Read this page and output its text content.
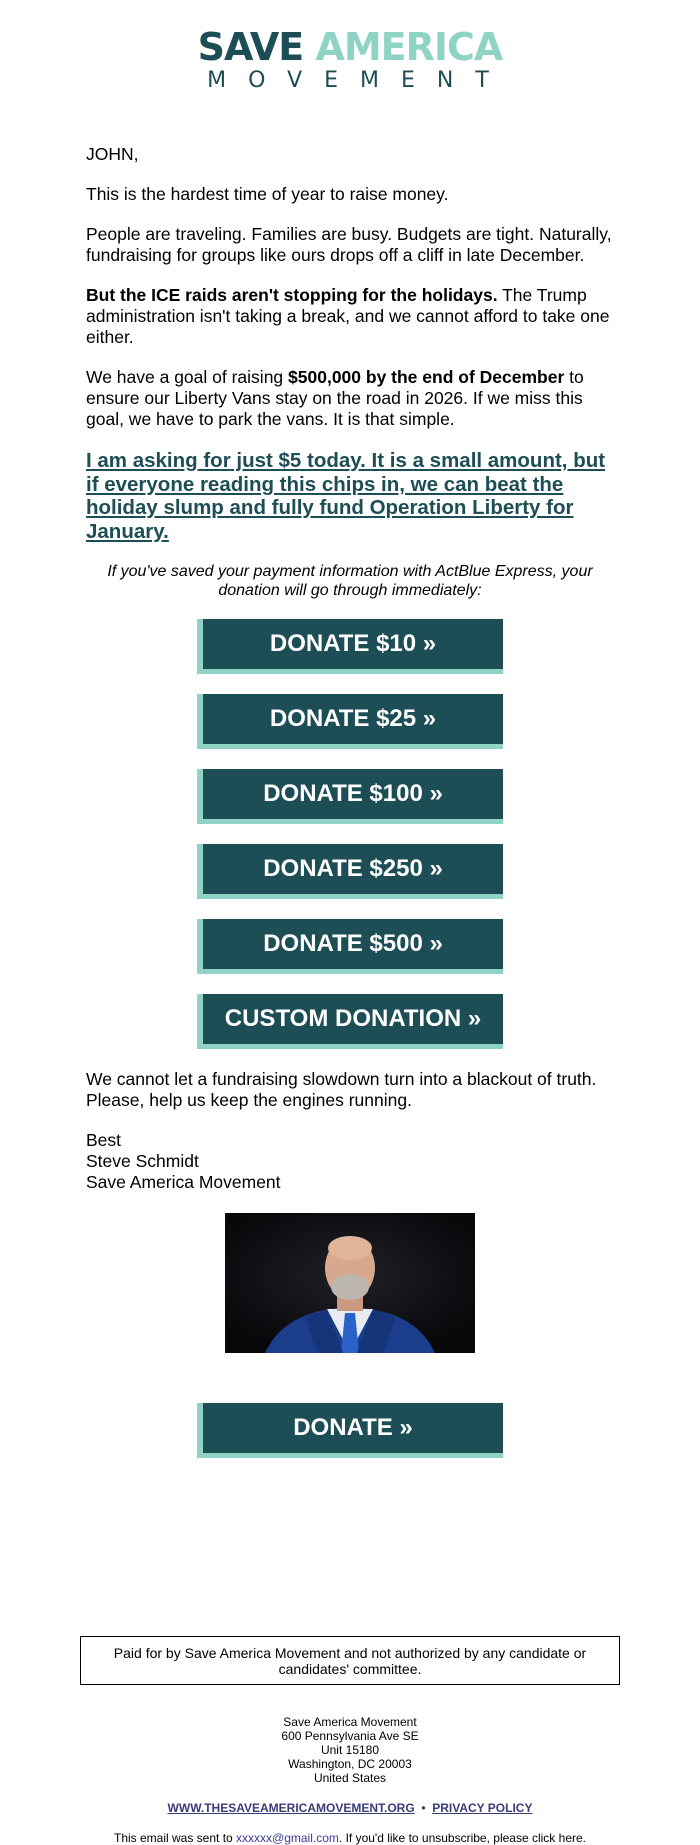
SAVE AMERICA
MOVEMENT

JOHN,

This is the hardest time of year to raise money.

People are traveling. Families are busy. Budgets are tight. Naturally, fundraising for groups like ours drops off a cliff in late December.

But the ICE raids aren't stopping for the holidays. The Trump administration isn't taking a break, and we cannot afford to take one either.

We have a goal of raising $500,000 by the end of December to ensure our Liberty Vans stay on the road in 2026. If we miss this goal, we have to park the vans. It is that simple.

I am asking for just $5 today. It is a small amount, but if everyone reading this chips in, we can beat the holiday slump and fully fund Operation Liberty for January.

If you've saved your payment information with ActBlue Express, your donation will go through immediately:

DONATE $10 »
DONATE $25 »
DONATE $100 »
DONATE $250 »
DONATE $500 »
CUSTOM DONATION »

We cannot let a fundraising slowdown turn into a blackout of truth. Please, help us keep the engines running.

Best

Steve Schmidt

Save America Movement

DONATE »
Paid for by Save America Movement and not authorized by any candidate or candidates' committee.
Save America Movement
600 Pennsylvania Ave SE
Unit 15180
Washington, DC 20003
United States
WWW.THESAVEAMERICAMOVEMENT.ORG • PRIVACY POLICY
This email was sent to xxxxxx@gmail.com. If you'd like to unsubscribe, please click here.
